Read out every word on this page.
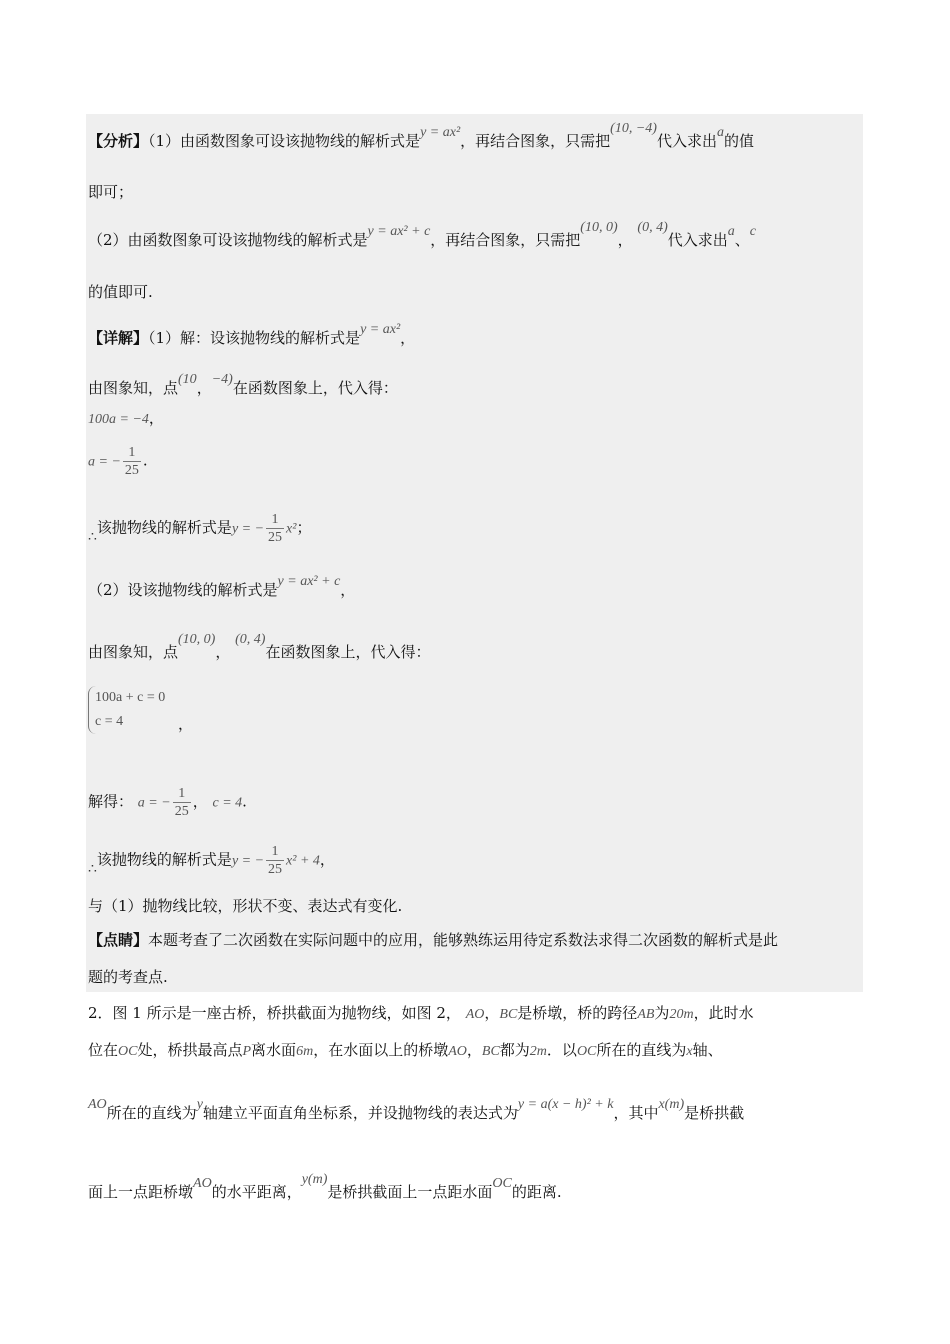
【分析】（1）由函数图象可设该抛物线的解析式是y = ax²，再结合图象，只需把(10, −4)代入求出a的值
即可；
（2）由函数图象可设该抛物线的解析式是y = ax² + c，再结合图象，只需把(10, 0)， (0, 4)代入求出a、c
的值即可.
【详解】（1）解：设该抛物线的解析式是y = ax²，
由图象知，点(10，−4)在函数图象上，代入得：
100a = −4，
a = − $\frac{1}{25}$ .
∴该抛物线的解析式是y = − $\frac{1}{25} x^2$；
（2）设该抛物线的解析式是y = ax² + c，
由图象知，点(10, 0)， (0, 4)在函数图象上，代入得：
100a + c = 0
c = 4	，
解得： a = − $\frac{1}{25}$ ， c = 4.
∴该抛物线的解析式是y = − $\frac{1}{25} x^2 + 4$，
与（1）抛物线比较，形状不变、表达式有变化.
【点睛】本题考查了二次函数在实际问题中的应用，能够熟练运用待定系数法求得二次函数的解析式是此
题的考查点.
2．图 1 所示是一座古桥，桥拱截面为抛物线，如图 2， AO，BC是桥墩，桥的跨径AB为20m，此时水
位在OC处，桥拱最高点P离水面6m，在水面以上的桥墩AO，BC都为2m．以OC所在的直线为x轴、
AO所在的直线为y轴建立平面直角坐标系，并设抛物线的表达式为y = a(x − h)² + k，其中x(m)是桥拱截
面上一点距桥墩AO的水平距离，y(m)是桥拱截面上一点距水面OC的距离.
